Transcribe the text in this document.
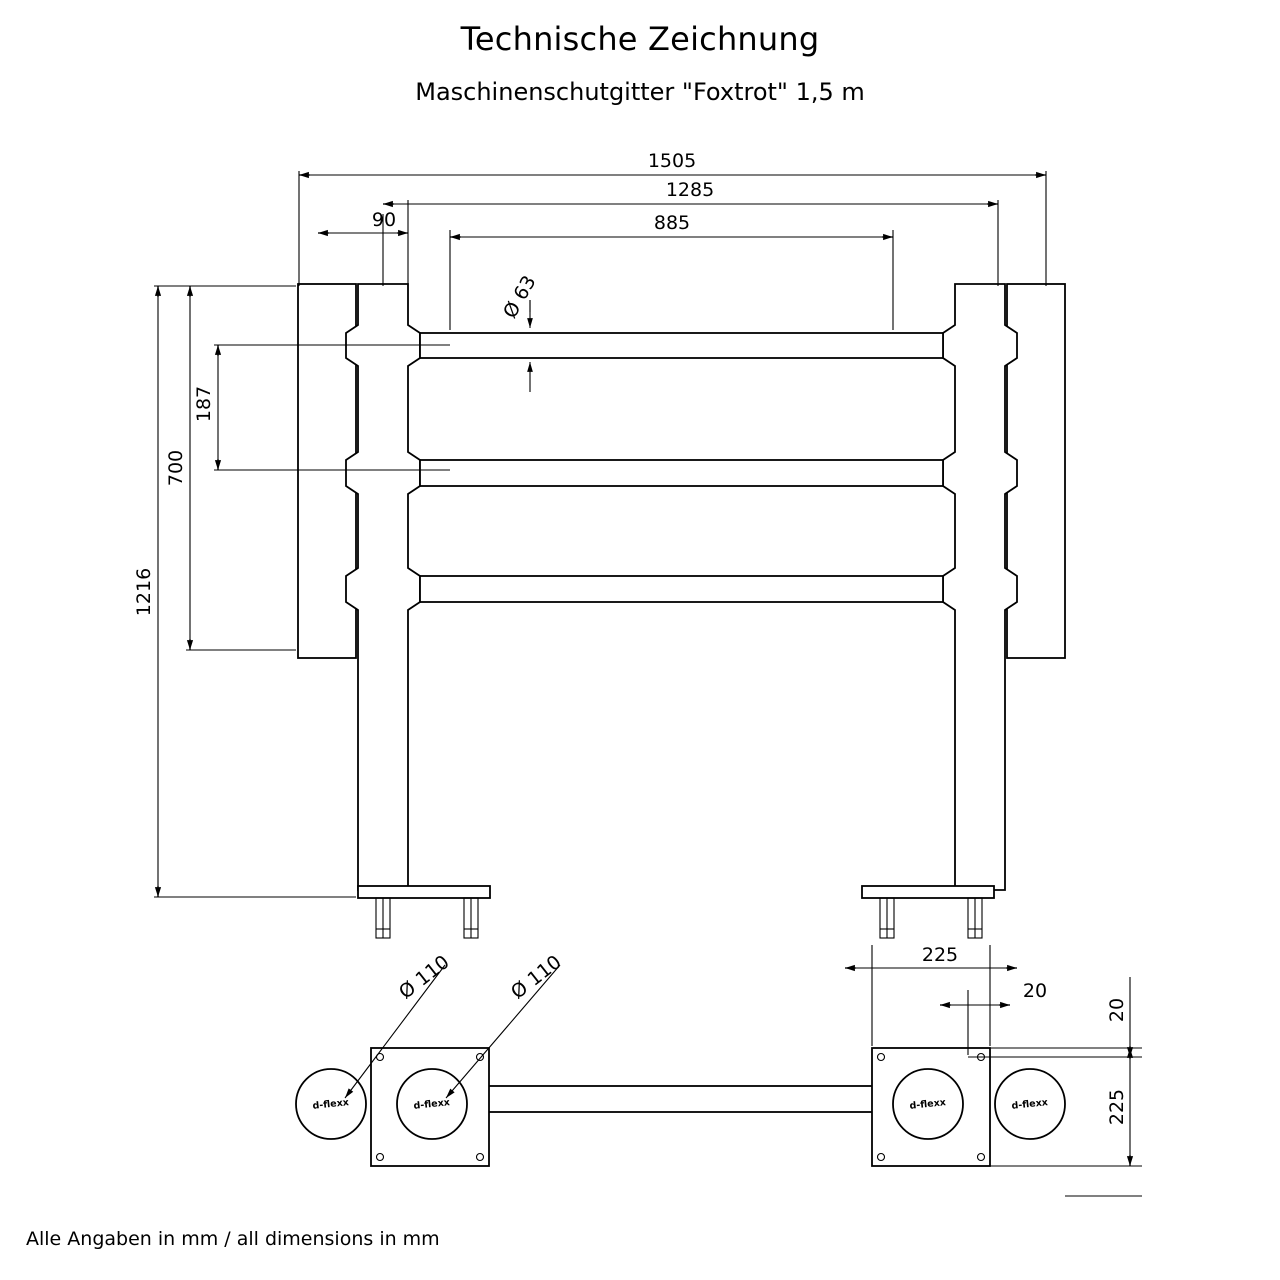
Technische Zeichnung
Maschinenschutgitter "Foxtrot" 1,5 m
Alle Angaben in mm / all dimensions in mm
1505
1285
90	885
Ø 63
1216
700
187
d-flexx	d-flexx	d-flexx	d-flexx
Ø 110	Ø 110	225
20
20
225
